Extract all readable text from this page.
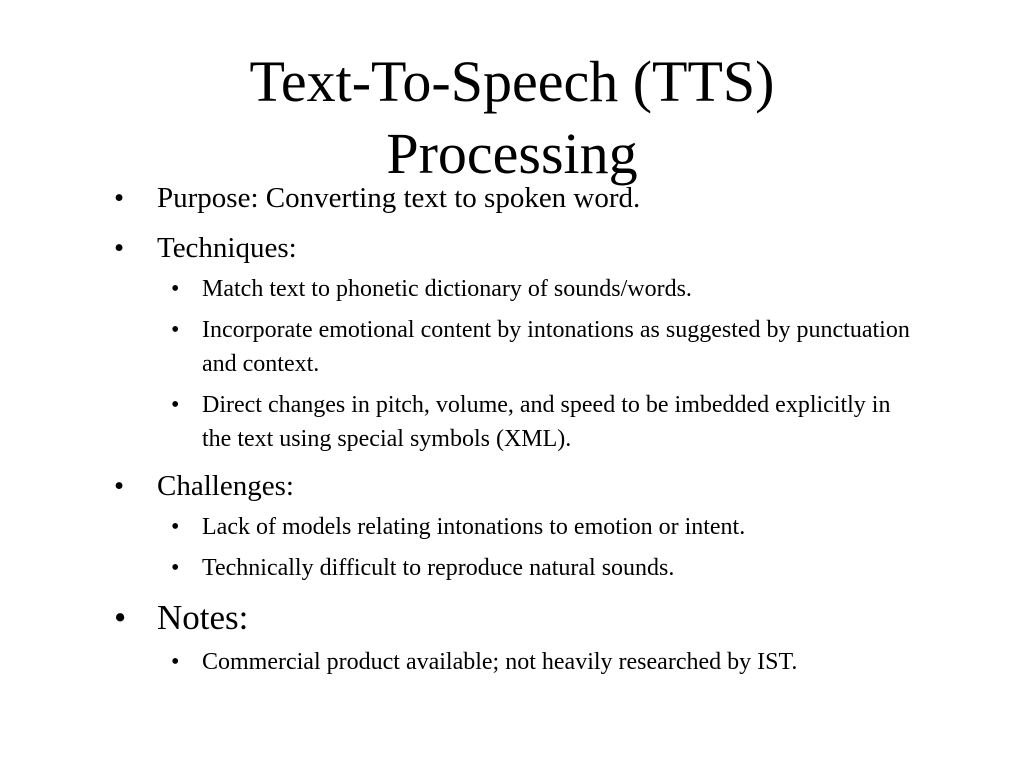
Text-To-Speech (TTS)
Processing
• Purpose: Converting text to spoken word.
• Techniques:
• Match text to phonetic dictionary of sounds/words.
• Incorporate emotional content by intonations as suggested by punctuation and context.
• Direct changes in pitch, volume, and speed to be imbedded explicitly in the text using special symbols (XML).
• Challenges:
• Lack of models relating intonations to emotion or intent.
• Technically difficult to reproduce natural sounds.
• Notes:
• Commercial product available; not heavily researched by IST.
